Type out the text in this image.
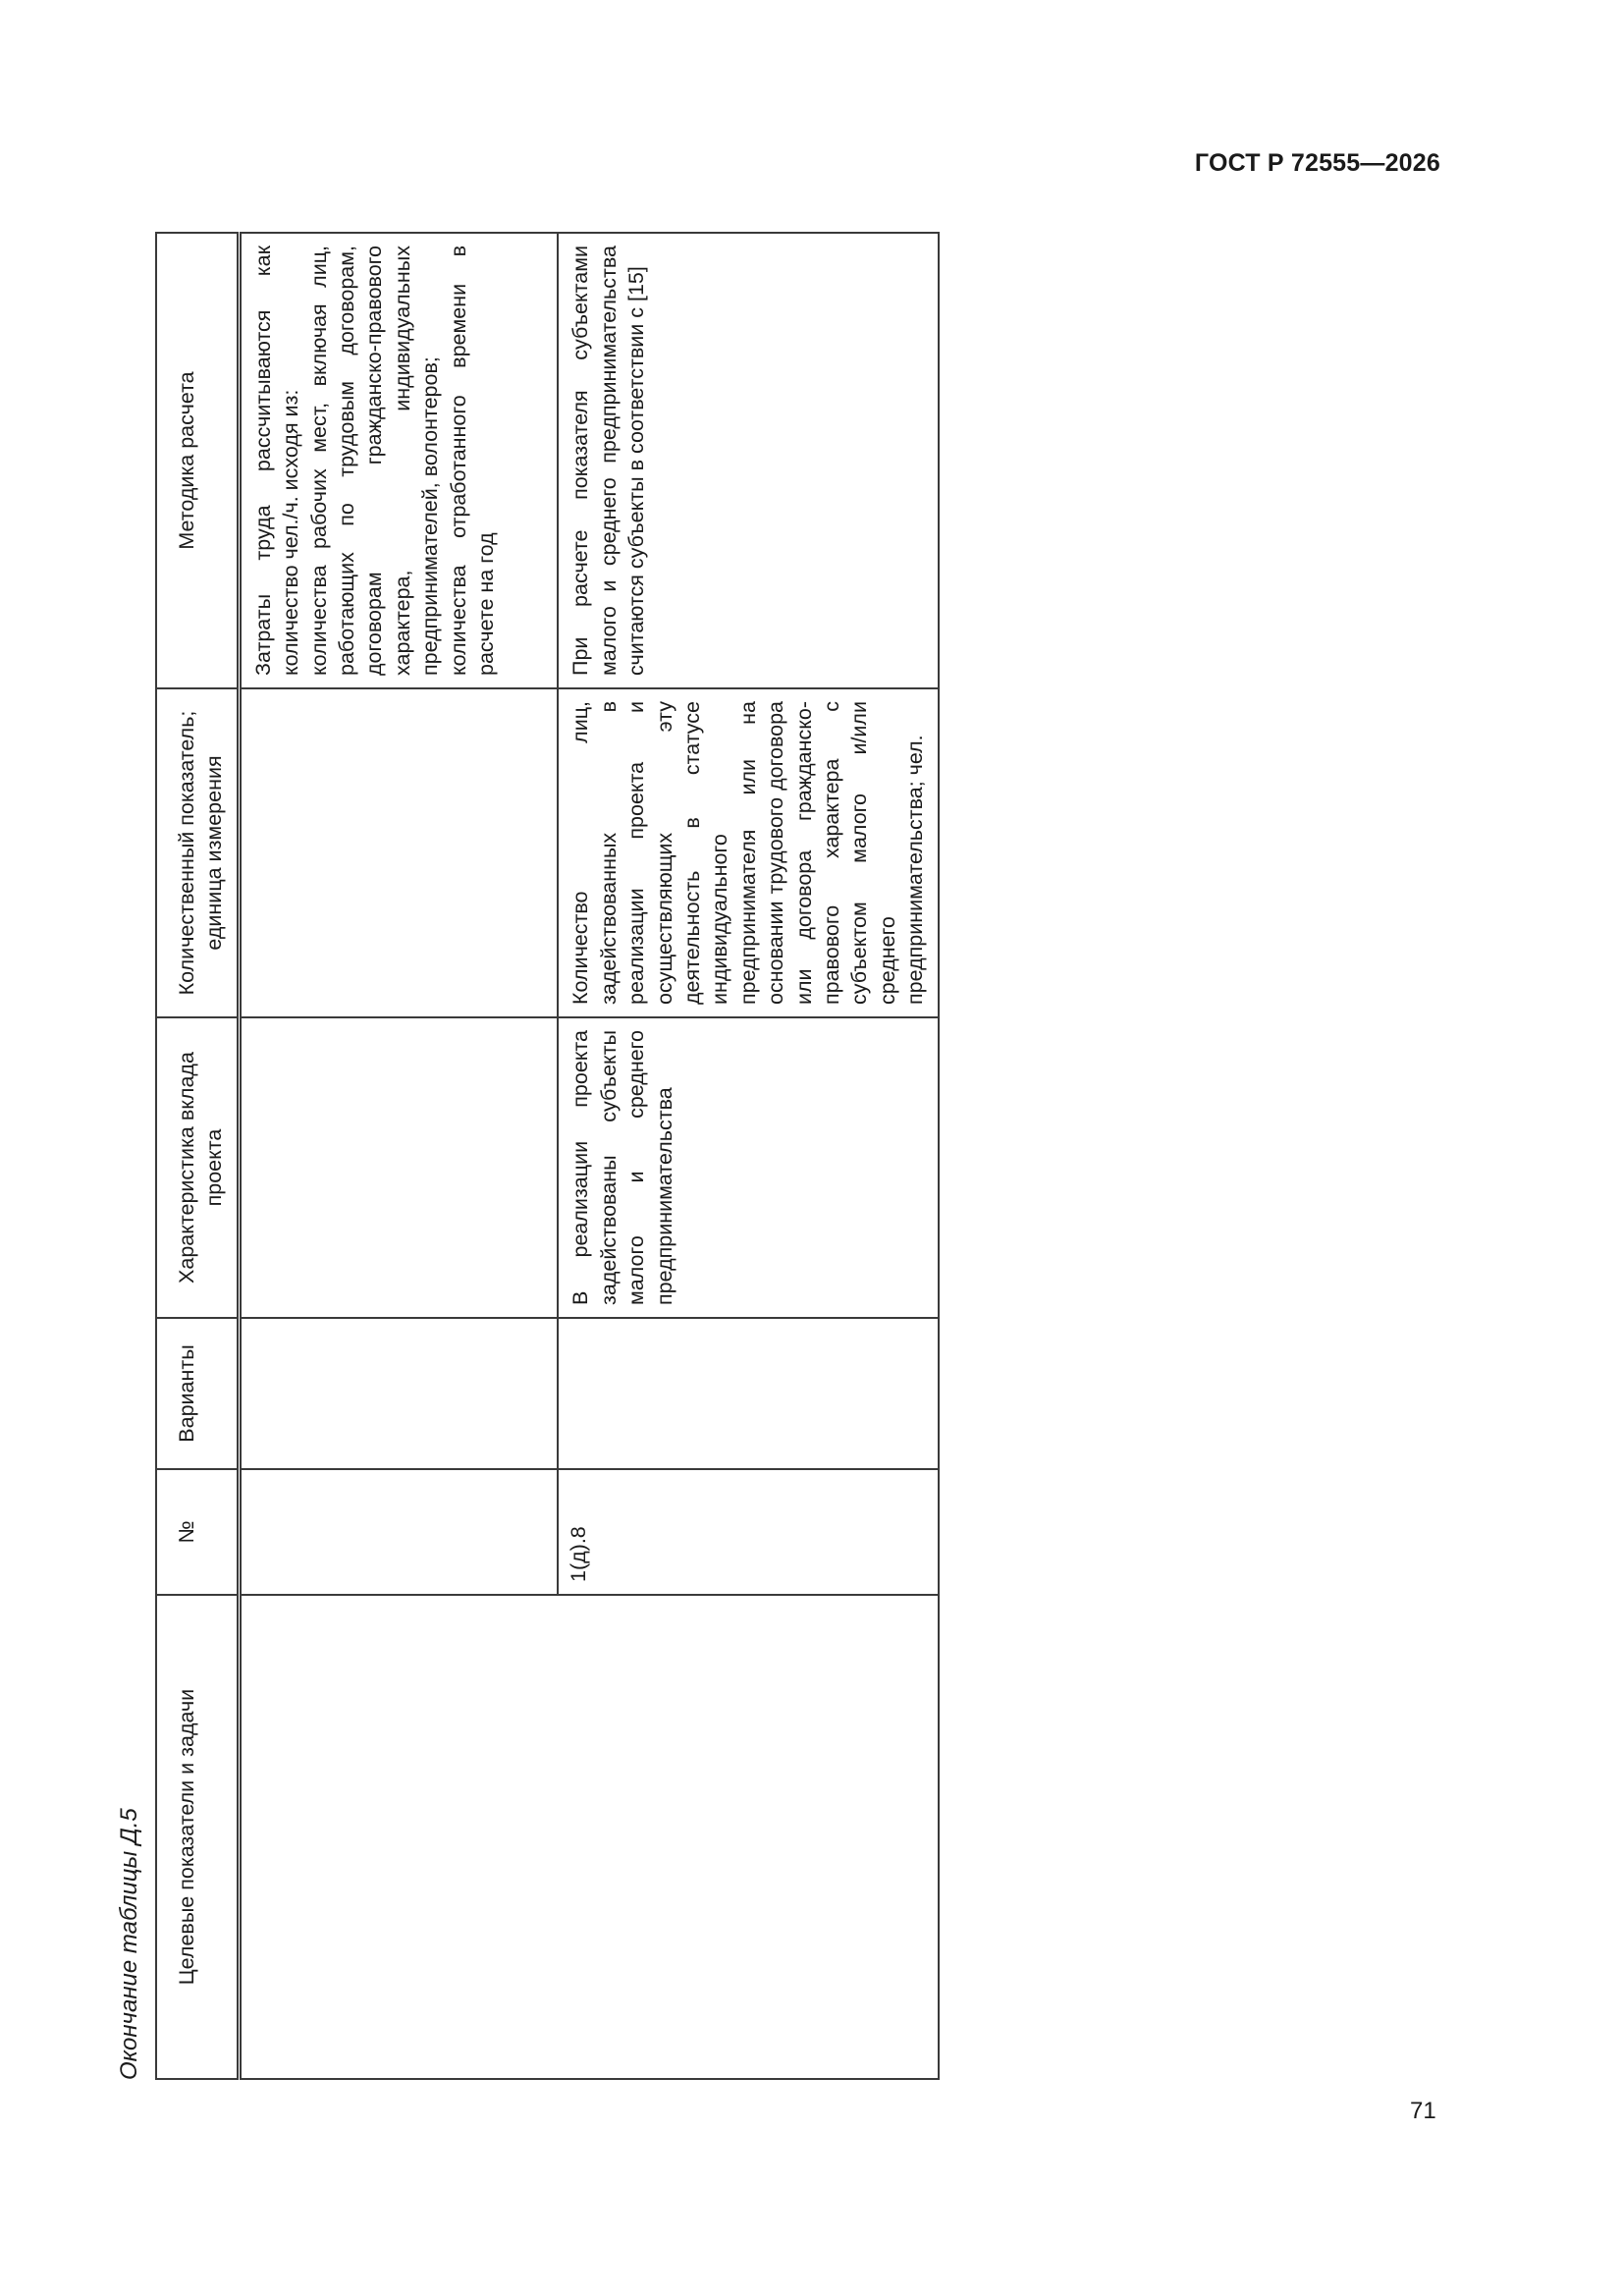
ГОСТ Р 72555—2026
Окончание таблицы Д.5	Целевые показатели и задачи	№	Варианты	Характеристика вклада проекта	Количественный показатель; единица измерения	Методика расчета

					Затраты труда рассчитываются как количество чел./ч. исходя из: количества рабочих мест, включая лиц, работающих по трудовым договорам, договорам гражданско-правового характера, индивидуальных предпринимателей, волонтеров; количества отработанного времени в расчете на год

	1(д).8		В реализации проекта задействованы субъекты малого и среднего предпринимательства	Количество лиц, задействованных в реализации проекта и осуществляющих эту деятельность в статусе индивидуального предпринимателя или на основании трудового договора или договора гражданско-правового характера с субъектом малого и/или среднего предпринимательства; чел.	При расчете показателя субъектами малого и среднего предпринимательства считаются субъекты в соответствии с [15]
71
